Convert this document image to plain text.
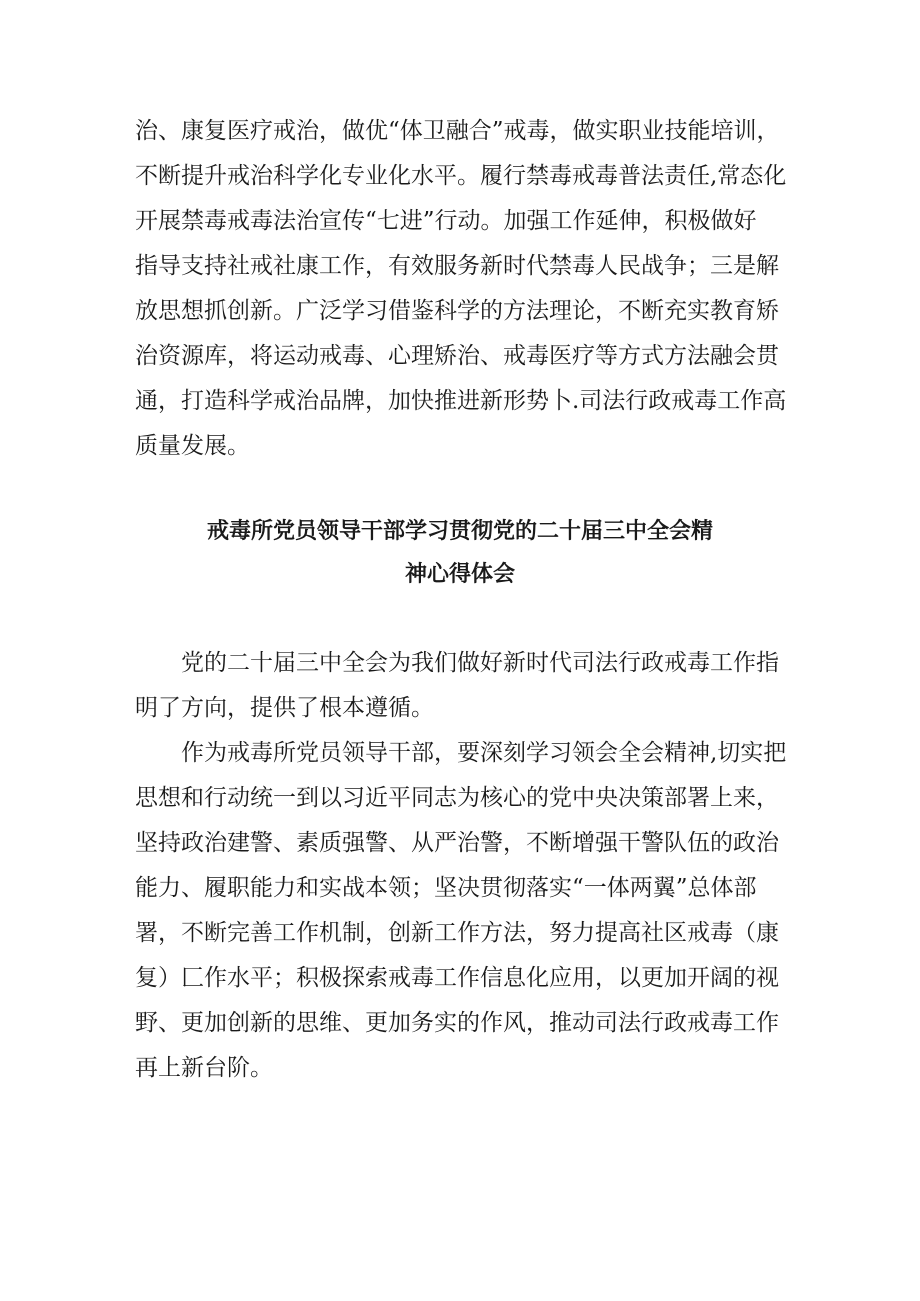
治、康复医疗戒治，做优“体卫融合”戒毒，做实职业技能培训，
不断提升戒治科学化专业化水平。履行禁毒戒毒普法责任,常态化
开展禁毒戒毒法治宣传“七进”行动。加强工作延伸，积极做好
指导支持社戒社康工作，有效服务新时代禁毒人民战争；三是解
放思想抓创新。广泛学习借鉴科学的方法理论，不断充实教育矫
治资源库，将运动戒毒、心理矫治、戒毒医疗等方式方法融会贯
通，打造科学戒治品牌，加快推进新形势卜.司法行政戒毒工作高
质量发展。
戒毒所党员领导干部学习贯彻党的二十届三中全会精
神心得体会
党的二十届三中全会为我们做好新时代司法行政戒毒工作指
明了方向，提供了根本遵循。
作为戒毒所党员领导干部，要深刻学习领会全会精神,切实把
思想和行动统一到以习近平同志为核心的党中央决策部署上来，
坚持政治建警、素质强警、从严治警，不断增强干警队伍的政治
能力、履职能力和实战本领；坚决贯彻落实“一体两翼”总体部
署，不断完善工作机制，创新工作方法，努力提高社区戒毒（康
复）匚作水平；积极探索戒毒工作信息化应用，以更加开阔的视
野、更加创新的思维、更加务实的作风，推动司法行政戒毒工作
再上新台阶。
